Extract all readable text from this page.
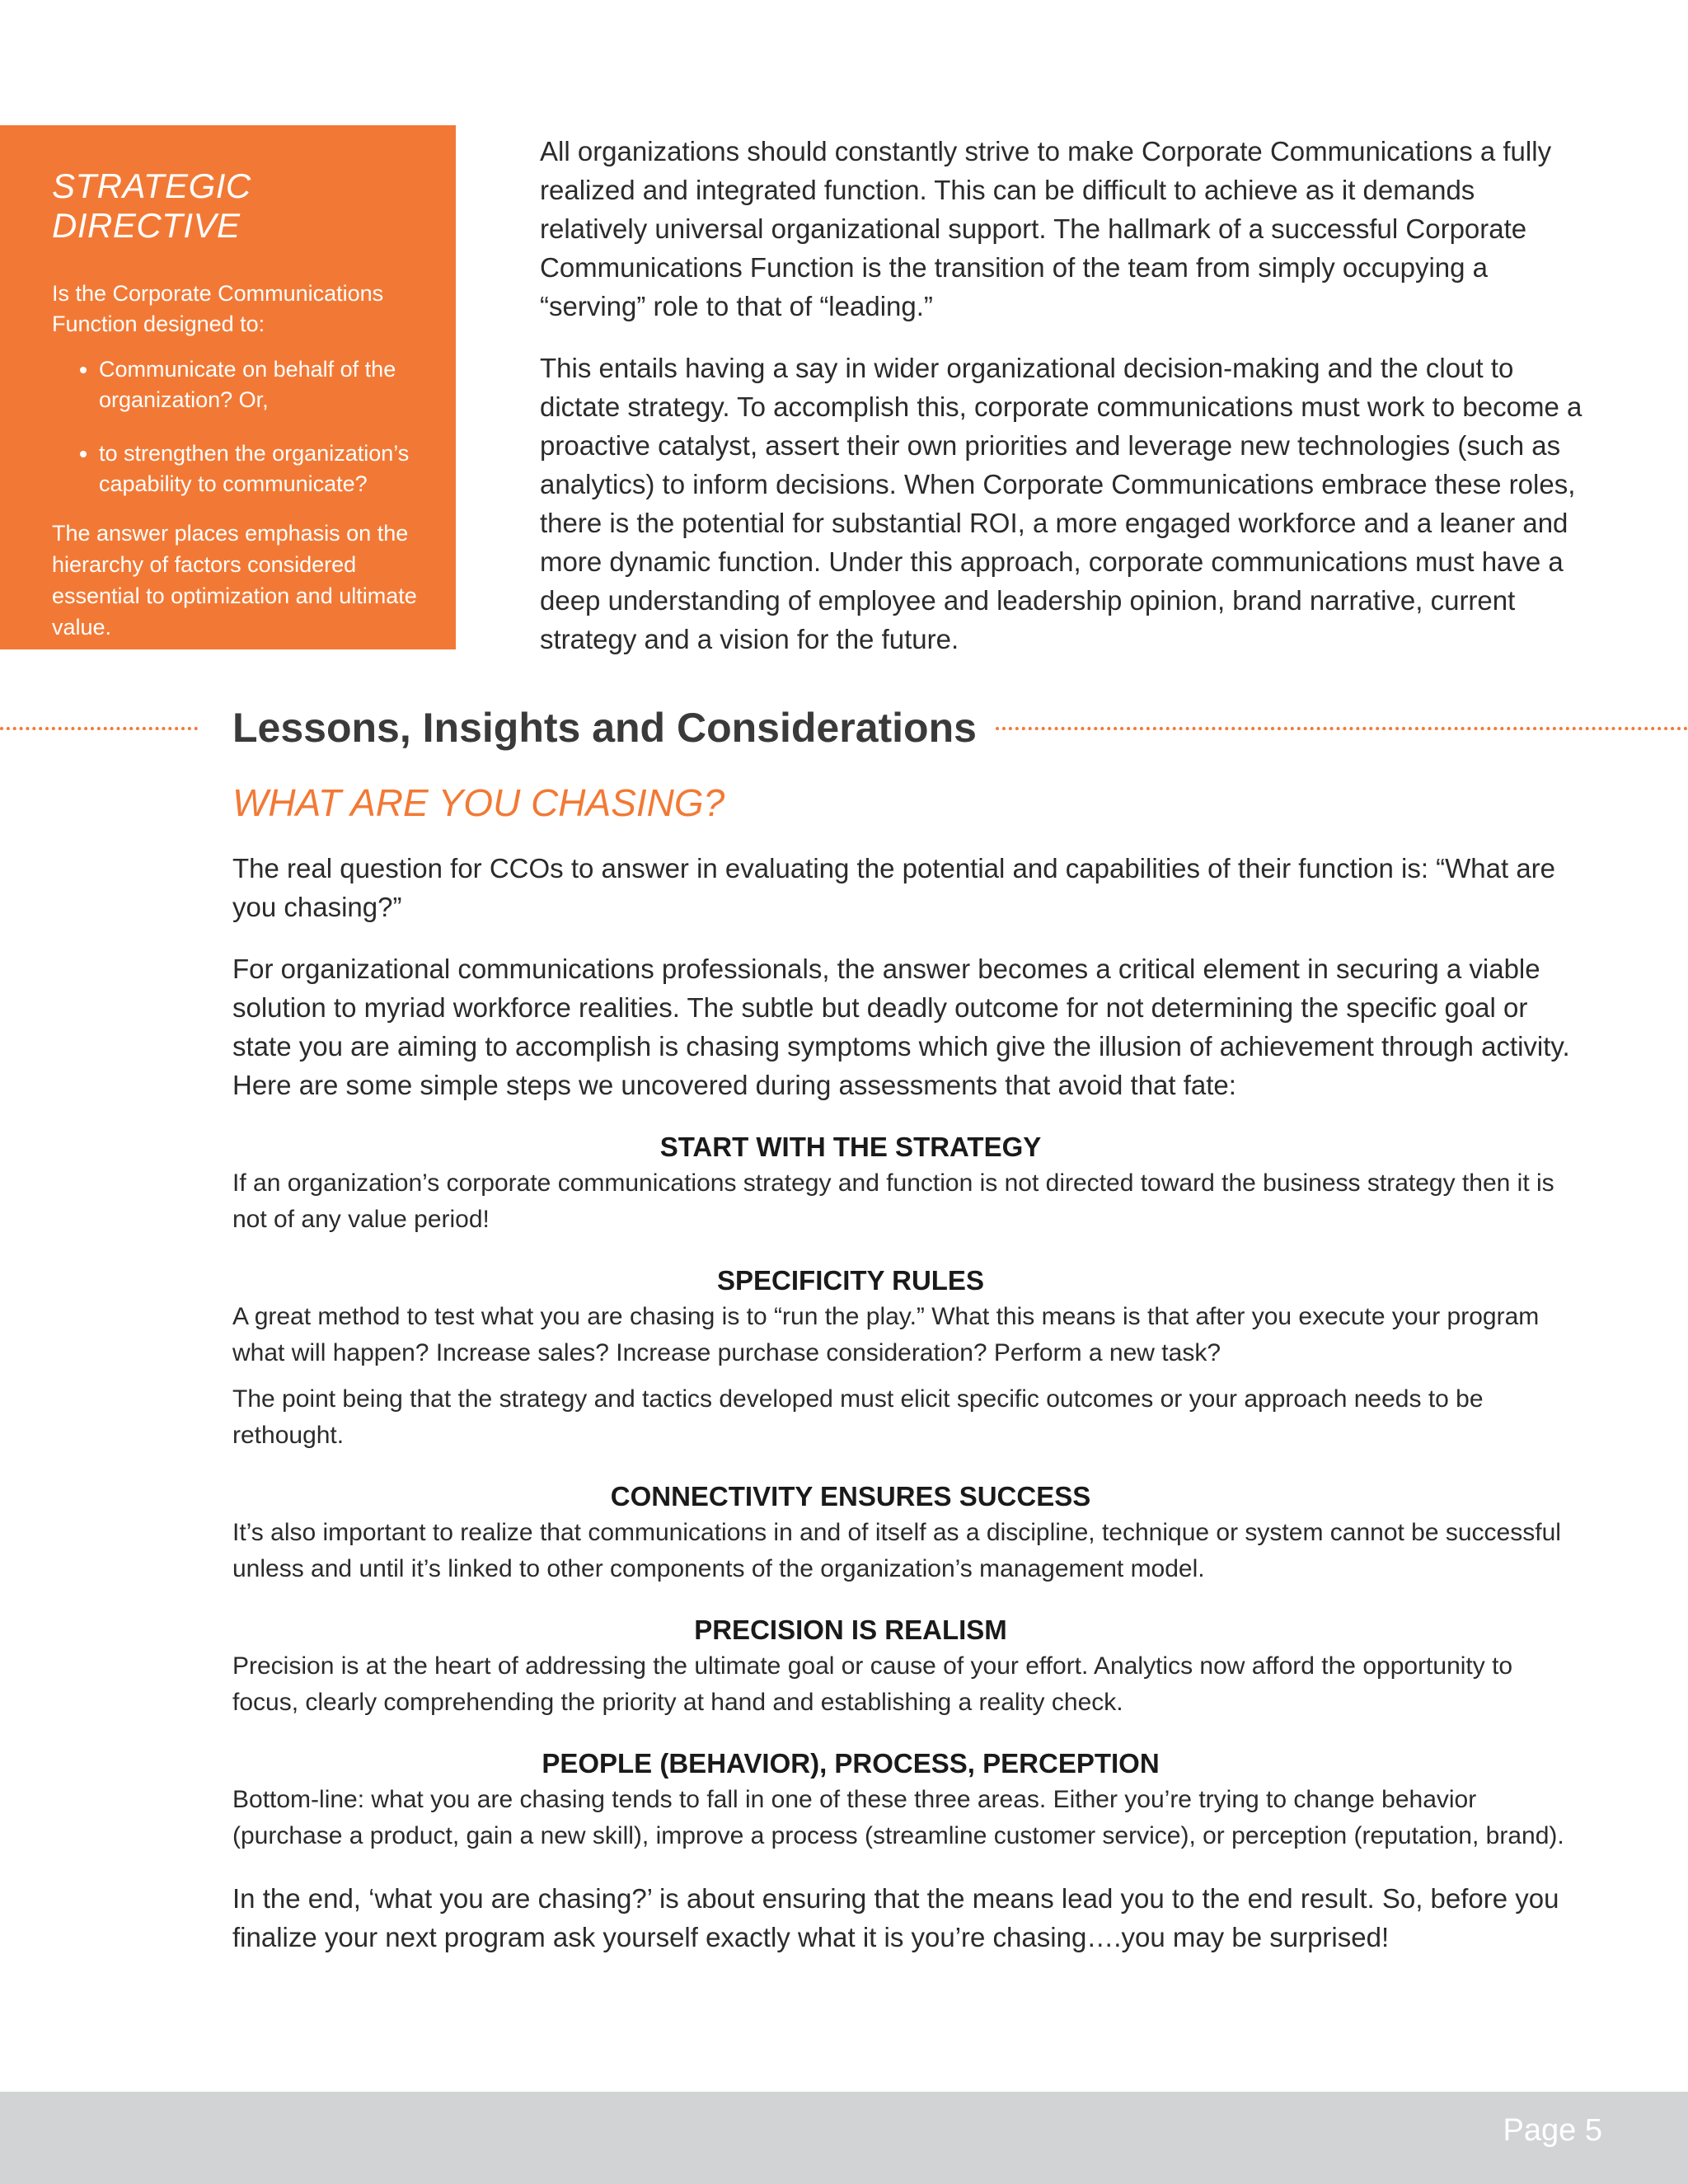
STRATEGIC DIRECTIVE

Is the Corporate Communications Function designed to:

• Communicate on behalf of the organization? Or,
• to strengthen the organization’s capability to communicate?

The answer places emphasis on the hierarchy of factors considered essential to optimization and ultimate value.

All organizations should constantly strive to make Corporate Communications a fully realized and integrated function. This can be difficult to achieve as it demands relatively universal organizational support. The hallmark of a successful Corporate Communications Function is the transition of the team from simply occupying a “serving” role to that of “leading.”

This entails having a say in wider organizational decision-making and the clout to dictate strategy. To accomplish this, corporate communications must work to become a proactive catalyst, assert their own priorities and leverage new technologies (such as analytics) to inform decisions. When Corporate Communications embrace these roles, there is the potential for substantial ROI, a more engaged workforce and a leaner and more dynamic function. Under this approach, corporate communications must have a deep understanding of employee and leadership opinion, brand narrative, current strategy and a vision for the future.

Lessons, Insights and Considerations
WHAT ARE YOU CHASING?

The real question for CCOs to answer in evaluating the potential and capabilities of their function is: “What are you chasing?”

For organizational communications professionals, the answer becomes a critical element in securing a viable solution to myriad workforce realities. The subtle but deadly outcome for not determining the specific goal or state you are aiming to accomplish is chasing symptoms which give the illusion of achievement through activity. Here are some simple steps we uncovered during assessments that avoid that fate:

START WITH THE STRATEGY

If an organization’s corporate communications strategy and function is not directed toward the business strategy then it is not of any value period!

SPECIFICITY RULES

A great method to test what you are chasing is to “run the play.” What this means is that after you execute your program what will happen? Increase sales? Increase purchase consideration? Perform a new task?

The point being that the strategy and tactics developed must elicit specific outcomes or your approach needs to be rethought.

CONNECTIVITY ENSURES SUCCESS

It’s also important to realize that communications in and of itself as a discipline, technique or system cannot be successful unless and until it’s linked to other components of the organization’s management model.

PRECISION IS REALISM

Precision is at the heart of addressing the ultimate goal or cause of your effort. Analytics now afford the opportunity to focus, clearly comprehending the priority at hand and establishing a reality check.

PEOPLE (BEHAVIOR), PROCESS, PERCEPTION

Bottom-line: what you are chasing tends to fall in one of these three areas. Either you’re trying to change behavior (purchase a product, gain a new skill), improve a process (streamline customer service), or perception (reputation, brand).

In the end, ‘what you are chasing?’ is about ensuring that the means lead you to the end result. So, before you finalize your next program ask yourself exactly what it is you’re chasing….you may be surprised!

Page 5
